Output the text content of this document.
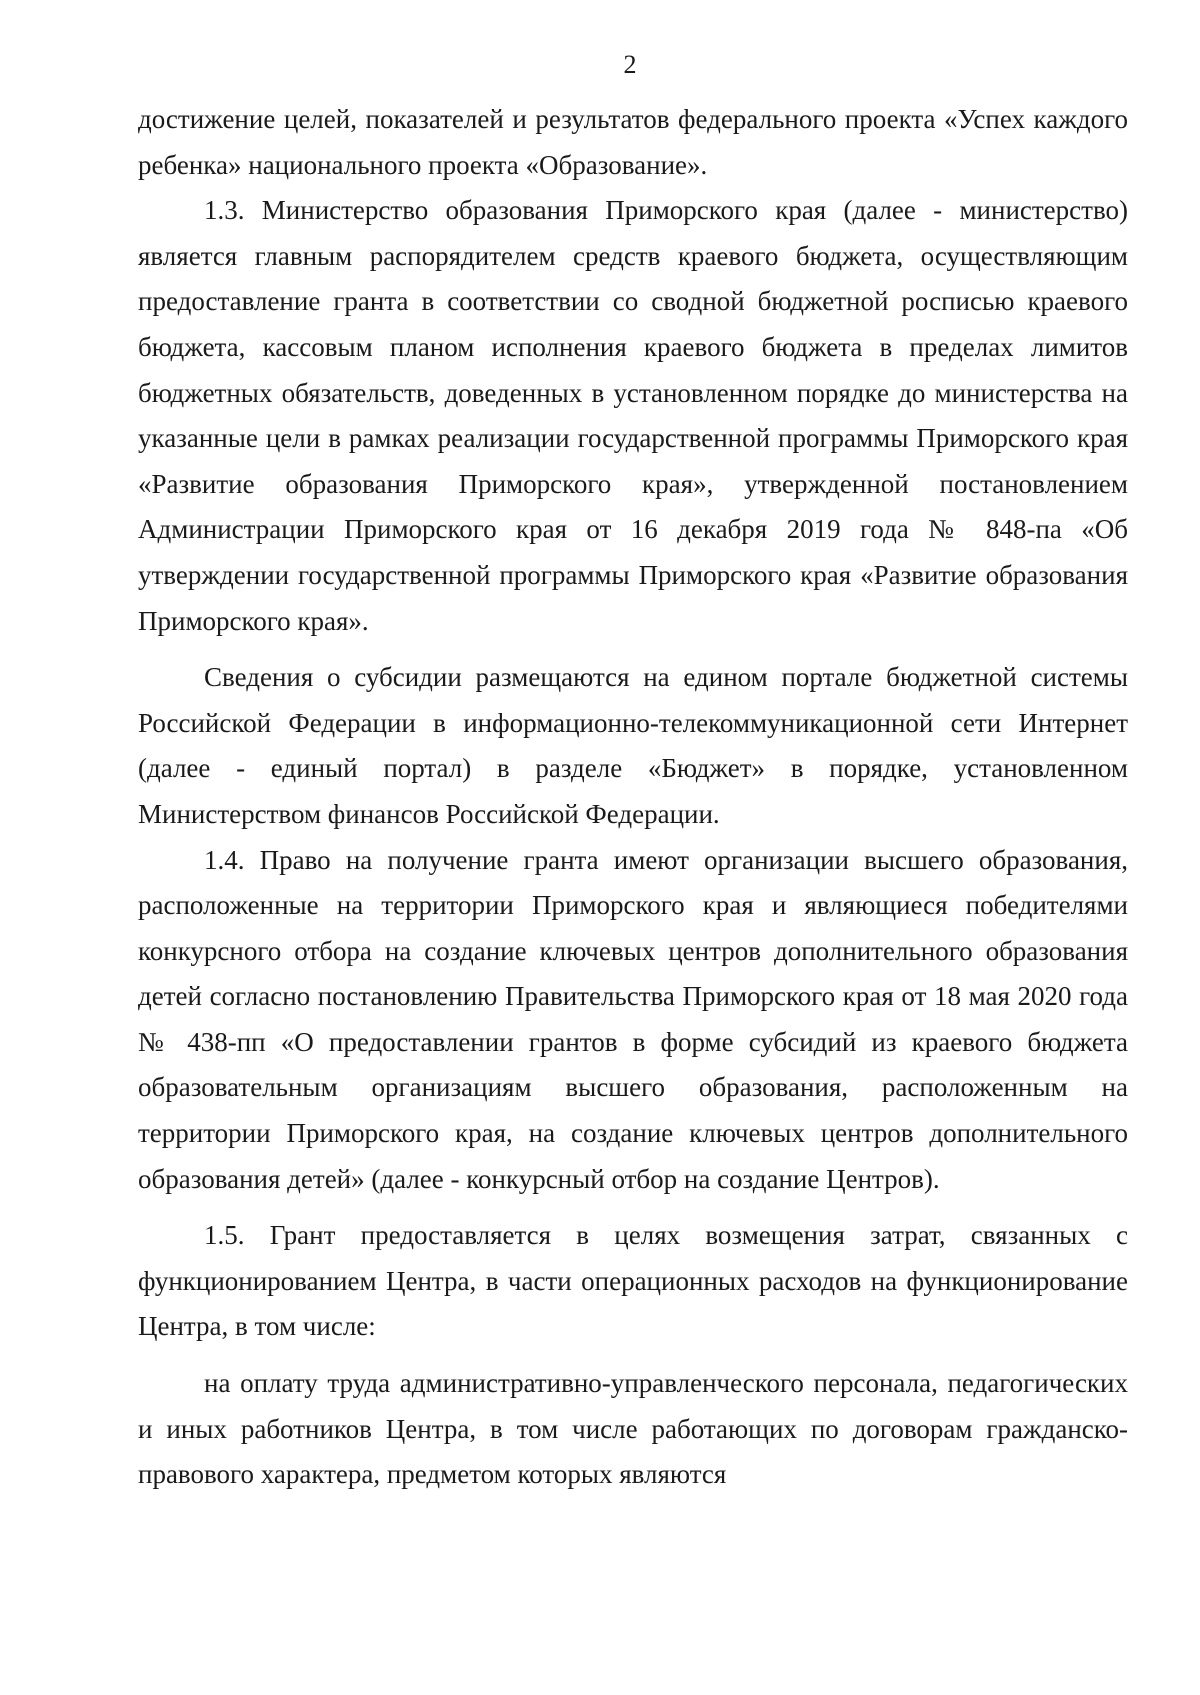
2

достижение целей, показателей и результатов федерального проекта «Успех каждого ребенка» национального проекта «Образование».

1.3. Министерство образования Приморского края (далее - министерство) является главным распорядителем средств краевого бюджета, осуществляющим предоставление гранта в соответствии со сводной бюджетной росписью краевого бюджета, кассовым планом исполнения краевого бюджета в пределах лимитов бюджетных обязательств, доведенных в установленном порядке до министерства на указанные цели в рамках реализации государственной программы Приморского края «Развитие образования Приморского края», утвержденной постановлением Администрации Приморского края от 16 декабря 2019 года № 848-па «Об утверждении государственной программы Приморского края «Развитие образования Приморского края».

Сведения о субсидии размещаются на едином портале бюджетной системы Российской Федерации в информационно-телекоммуникационной сети Интернет (далее - единый портал) в разделе «Бюджет» в порядке, установленном Министерством финансов Российской Федерации.

1.4. Право на получение гранта имеют организации высшего образования, расположенные на территории Приморского края и являющиеся победителями конкурсного отбора на создание ключевых центров дополнительного образования детей согласно постановлению Правительства Приморского края от 18 мая 2020 года № 438-пп «О предоставлении грантов в форме субсидий из краевого бюджета образовательным организациям высшего образования, расположенным на территории Приморского края, на создание ключевых центров дополнительного образования детей» (далее - конкурсный отбор на создание Центров).

1.5. Грант предоставляется в целях возмещения затрат, связанных с функционированием Центра, в части операционных расходов на функционирование Центра, в том числе:

на оплату труда административно-управленческого персонала, педагогических и иных работников Центра, в том числе работающих по договорам гражданско-правового характера, предметом которых являются
